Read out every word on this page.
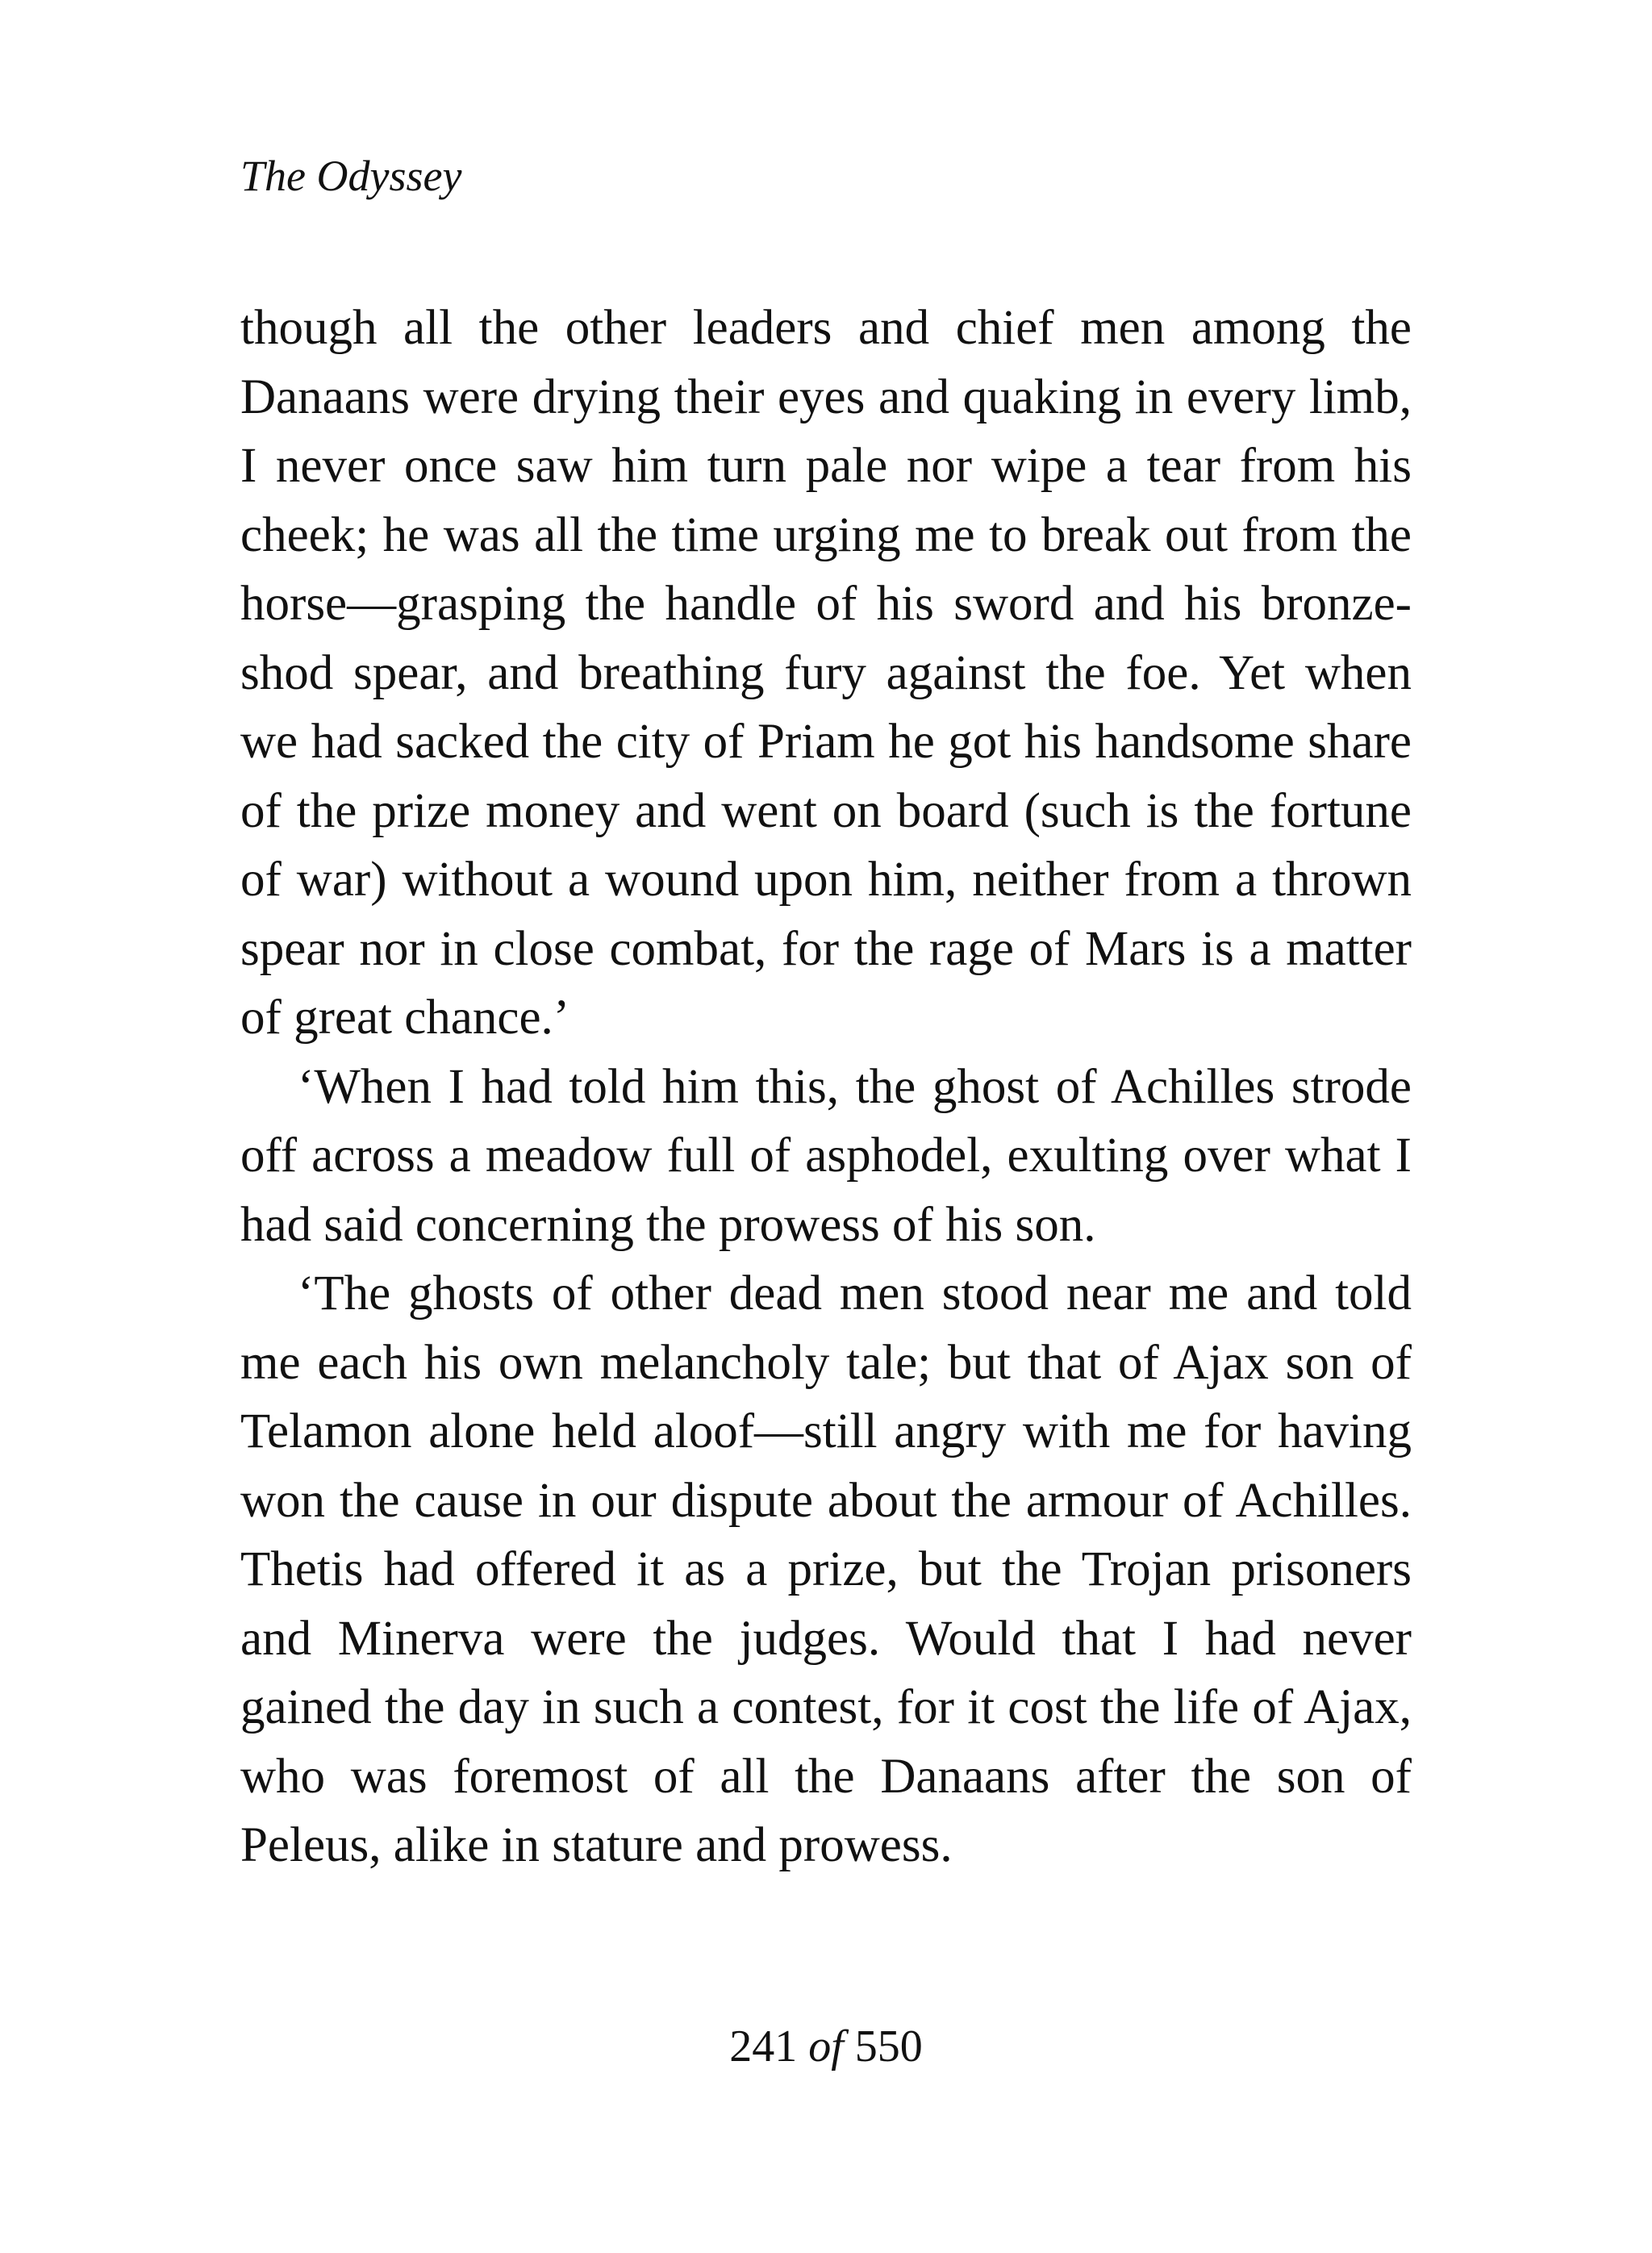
The Odyssey

though all the other leaders and chief men among the Danaans were drying their eyes and quaking in every limb, I never once saw him turn pale nor wipe a tear from his cheek; he was all the time urging me to break out from the horse—grasping the handle of his sword and his bronze-shod spear, and breathing fury against the foe. Yet when we had sacked the city of Priam he got his handsome share of the prize money and went on board (such is the fortune of war) without a wound upon him, neither from a thrown spear nor in close combat, for the rage of Mars is a matter of great chance.’

‘When I had told him this, the ghost of Achilles strode off across a meadow full of asphodel, exulting over what I had said concerning the prowess of his son.

‘The ghosts of other dead men stood near me and told me each his own melancholy tale; but that of Ajax son of Telamon alone held aloof—still angry with me for having won the cause in our dispute about the armour of Achilles. Thetis had offered it as a prize, but the Trojan prisoners and Minerva were the judges. Would that I had never gained the day in such a contest, for it cost the life of Ajax, who was foremost of all the Danaans after the son of Peleus, alike in stature and prowess.

241 of 550
